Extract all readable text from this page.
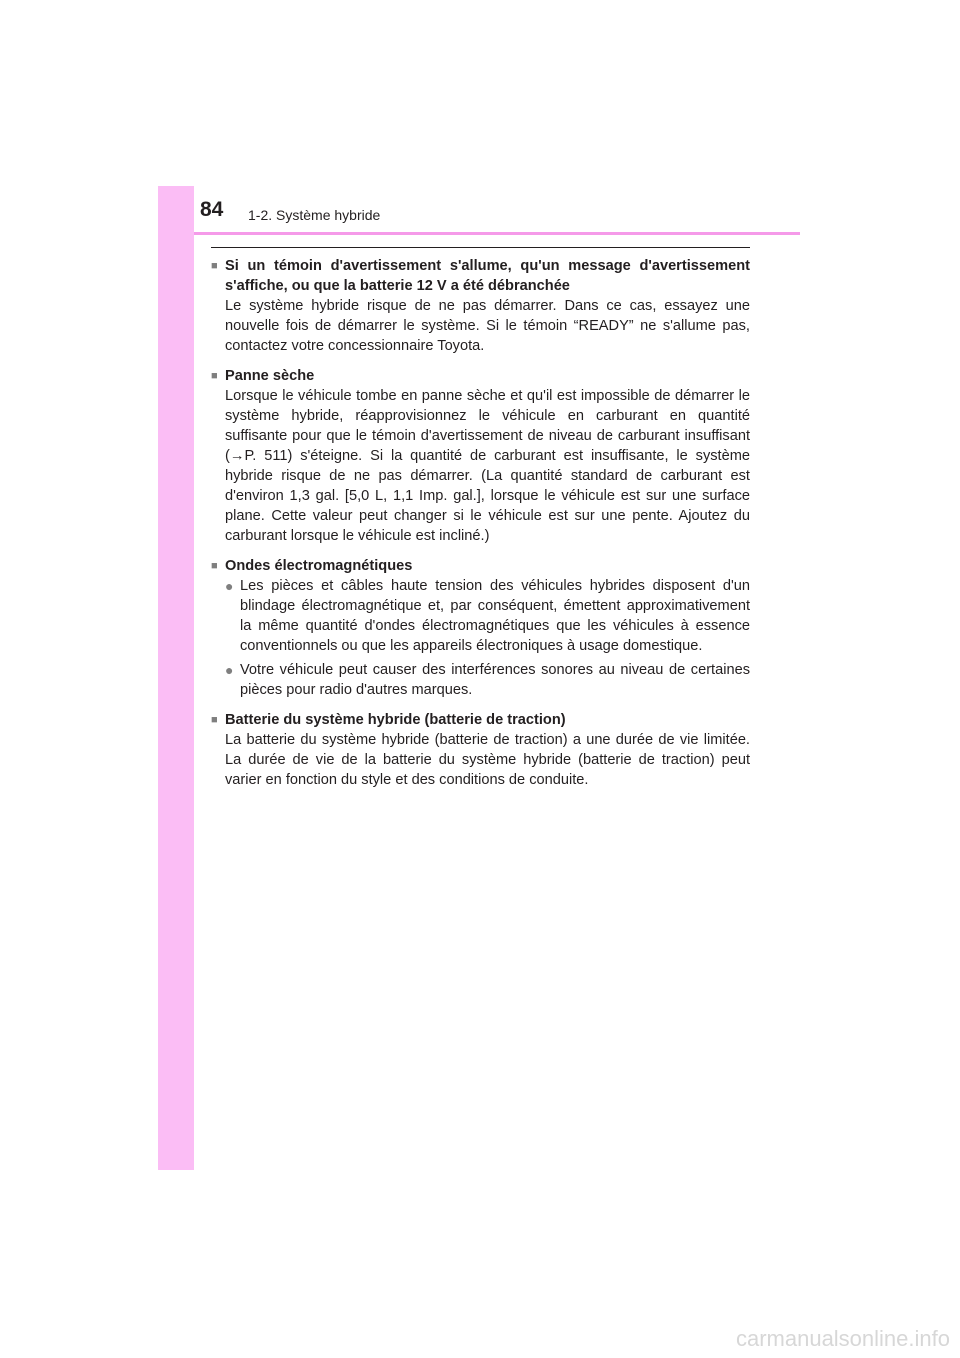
84 1-2. Système hybride
■ Si un témoin d'avertissement s'allume, qu'un message d'avertissement s'affiche, ou que la batterie 12 V a été débranchée
Le système hybride risque de ne pas démarrer. Dans ce cas, essayez une nouvelle fois de démarrer le système. Si le témoin “READY” ne s'allume pas, contactez votre concessionnaire Toyota.
■ Panne sèche
Lorsque le véhicule tombe en panne sèche et qu'il est impossible de démarrer le système hybride, réapprovisionnez le véhicule en carburant en quantité suffisante pour que le témoin d'avertissement de niveau de carburant insuffisant (→P. 511) s'éteigne. Si la quantité de carburant est insuffisante, le système hybride risque de ne pas démarrer. (La quantité standard de carburant est d'environ 1,3 gal. [5,0 L, 1,1 Imp. gal.], lorsque le véhicule est sur une surface plane. Cette valeur peut changer si le véhicule est sur une pente. Ajoutez du carburant lorsque le véhicule est incliné.)
■ Ondes électromagnétiques
● Les pièces et câbles haute tension des véhicules hybrides disposent d'un blindage électromagnétique et, par conséquent, émettent approximativement la même quantité d'ondes électromagnétiques que les véhicules à essence conventionnels ou que les appareils électroniques à usage domestique.
● Votre véhicule peut causer des interférences sonores au niveau de certaines pièces pour radio d'autres marques.
■ Batterie du système hybride (batterie de traction)
La batterie du système hybride (batterie de traction) a une durée de vie limitée. La durée de vie de la batterie du système hybride (batterie de traction) peut varier en fonction du style et des conditions de conduite.
carmanualsonline.info
